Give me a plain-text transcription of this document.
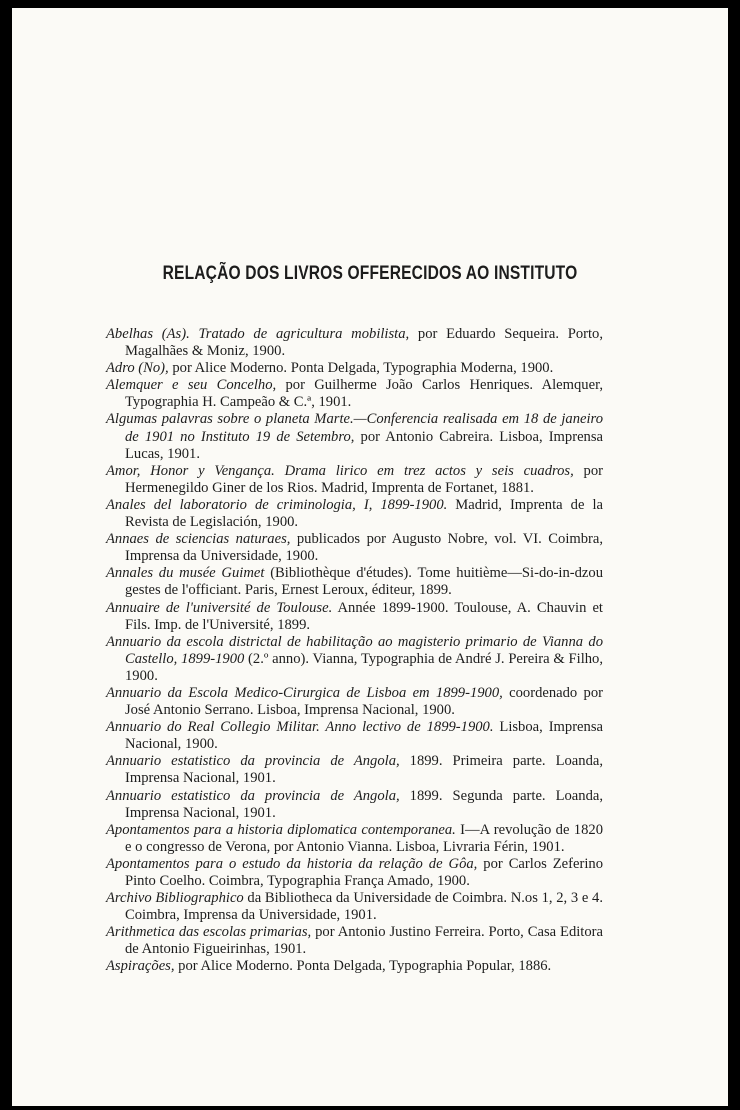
RELAÇÃO DOS LIVROS OFFERECIDOS AO INSTITUTO

Abelhas (As). Tratado de agricultura mobilista, por Eduardo Sequeira. Porto, Magalhães & Moniz, 1900.

Adro (No), por Alice Moderno. Ponta Delgada, Typographia Moderna, 1900.

Alemquer e seu Concelho, por Guilherme João Carlos Henriques. Alemquer, Typographia H. Campeão & C.ª, 1901.

Algumas palavras sobre o planeta Marte.—Conferencia realisada em 18 de janeiro de 1901 no Instituto 19 de Setembro, por Antonio Cabreira. Lisboa, Imprensa Lucas, 1901.

Amor, Honor y Vengança. Drama lirico em trez actos y seis cuadros, por Hermenegildo Giner de los Rios. Madrid, Imprenta de Fortanet, 1881.

Anales del laboratorio de criminologia, I, 1899-1900. Madrid, Imprenta de la Revista de Legislación, 1900.

Annaes de sciencias naturaes, publicados por Augusto Nobre, vol. VI. Coimbra, Imprensa da Universidade, 1900.

Annales du musée Guimet (Bibliothèque d'études). Tome huitième—Si-do-in-dzou gestes de l'officiant. Paris, Ernest Leroux, éditeur, 1899.

Annuaire de l'université de Toulouse. Année 1899-1900. Toulouse, A. Chauvin et Fils. Imp. de l'Université, 1899.

Annuario da escola districtal de habilitação ao magisterio primario de Vianna do Castello, 1899-1900 (2.º anno). Vianna, Typographia de André J. Pereira & Filho, 1900.

Annuario da Escola Medico-Cirurgica de Lisboa em 1899-1900, coordenado por José Antonio Serrano. Lisboa, Imprensa Nacional, 1900.

Annuario do Real Collegio Militar. Anno lectivo de 1899-1900. Lisboa, Imprensa Nacional, 1900.

Annuario estatistico da provincia de Angola, 1899. Primeira parte. Loanda, Imprensa Nacional, 1901.

Annuario estatistico da provincia de Angola, 1899. Segunda parte. Loanda, Imprensa Nacional, 1901.

Apontamentos para a historia diplomatica contemporanea. I—A revolução de 1820 e o congresso de Verona, por Antonio Vianna. Lisboa, Livraria Férin, 1901.

Apontamentos para o estudo da historia da relação de Gôa, por Carlos Zeferino Pinto Coelho. Coimbra, Typographia França Amado, 1900.

Archivo Bibliographico da Bibliotheca da Universidade de Coimbra. N.os 1, 2, 3 e 4. Coimbra, Imprensa da Universidade, 1901.

Arithmetica das escolas primarias, por Antonio Justino Ferreira. Porto, Casa Editora de Antonio Figueirinhas, 1901.

Aspirações, por Alice Moderno. Ponta Delgada, Typographia Popular, 1886.
